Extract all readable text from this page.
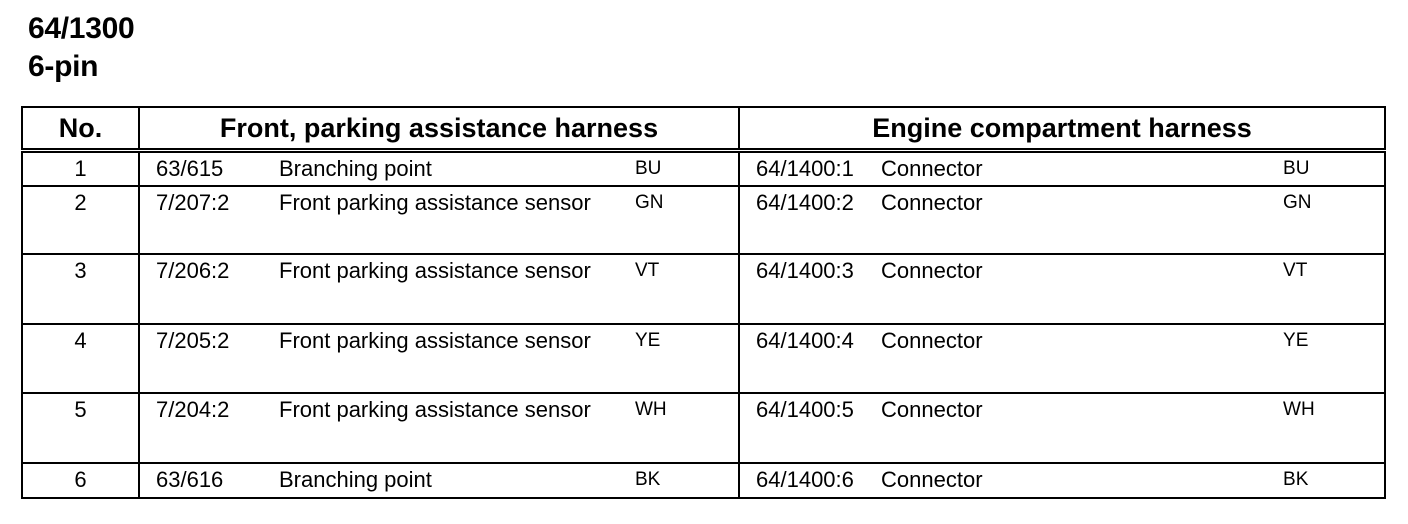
64/1300
6-pin
No.	Front, parking assistance harness			Engine compartment harness		
1	63/615	Branching point	BU	64/1400:1	Connector	BU
2	7/207:2	Front parking assistance sensor	GN	64/1400:2	Connector	GN
3	7/206:2	Front parking assistance sensor	VT	64/1400:3	Connector	VT
4	7/205:2	Front parking assistance sensor	YE	64/1400:4	Connector	YE
5	7/204:2	Front parking assistance sensor	WH	64/1400:5	Connector	WH
6	63/616	Branching point	BK	64/1400:6	Connector	BK
